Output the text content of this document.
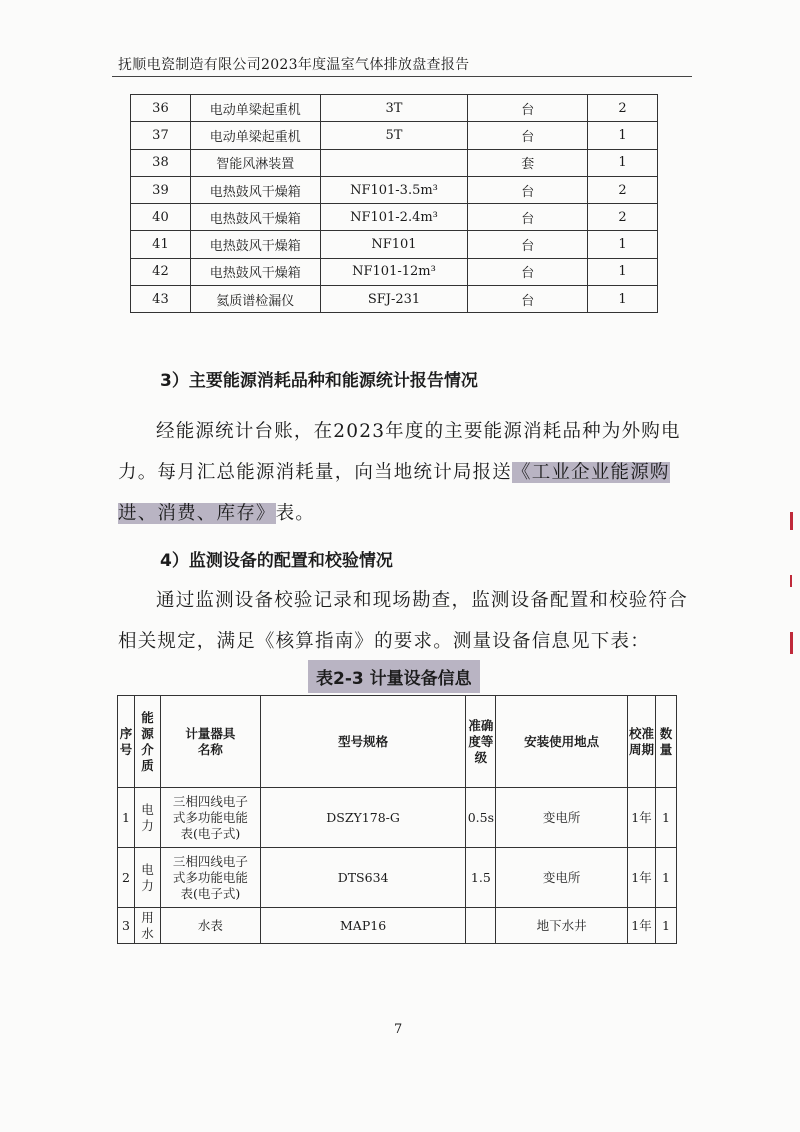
抚顺电瓷制造有限公司2023年度温室气体排放盘查报告
36	电动单梁起重机	3T	台	2
37	电动单梁起重机	5T	台	1
38	智能风淋装置		套	1
39	电热鼓风干燥箱	NF101-3.5m³	台	2
40	电热鼓风干燥箱	NF101-2.4m³	台	2
41	电热鼓风干燥箱	NF101	台	1
42	电热鼓风干燥箱	NF101-12m³	台	1
43	氦质谱检漏仪	SFJ-231	台	1
3）主要能源消耗品种和能源统计报告情况
经能源统计台账，在2023年度的主要能源消耗品种为外购电
力。每月汇总能源消耗量，向当地统计局报送《工业企业能源购
进、消费、库存》表。
4）监测设备的配置和校验情况
通过监测设备校验记录和现场勘查，监测设备配置和校验符合
相关规定，满足《核算指南》的要求。测量设备信息见下表：
表2-3 计量设备信息
序号	能源介质	计量器具名称	型号规格	准确度等级	安装使用地点	校准周期	数量
1	电力	三相四线电子式多功能电能表(电子式)	DSZY178-G	0.5s	变电所	1年	1
2	电力	三相四线电子式多功能电能表(电子式)	DTS634	1.5	变电所	1年	1
3	用水	水表	MAP16		地下水井	1年	1
7
